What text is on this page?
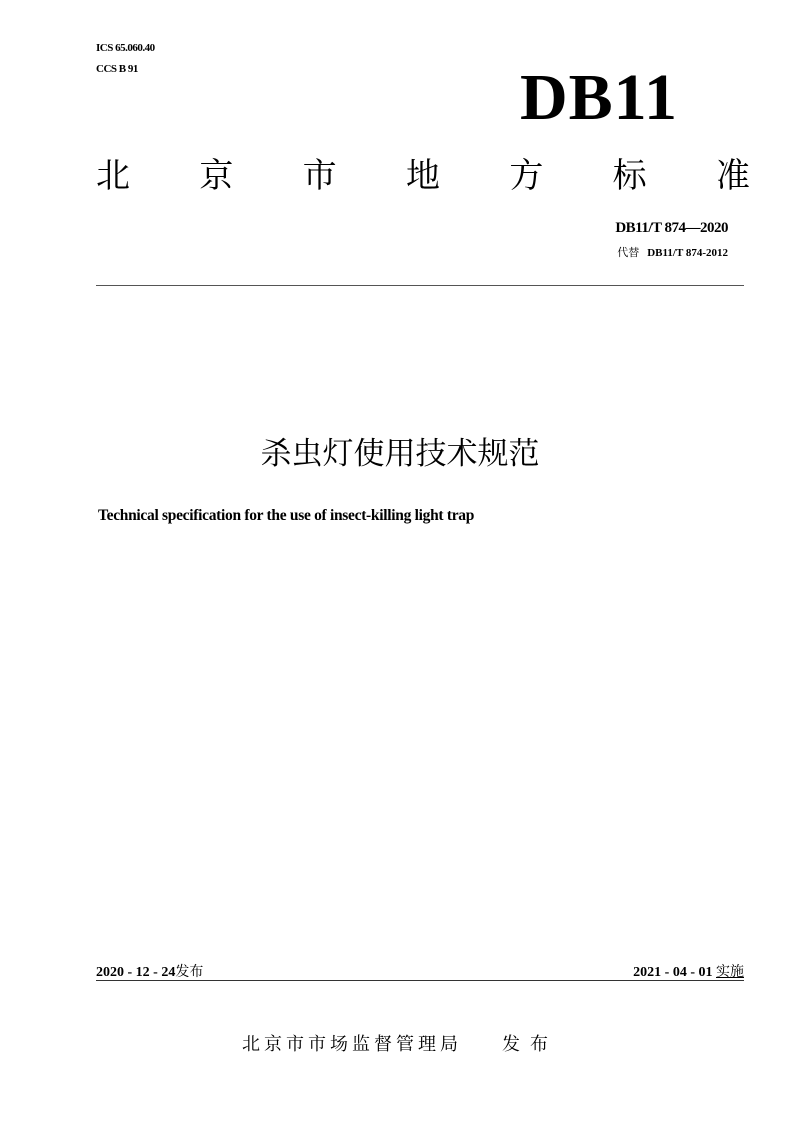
ICS 65.060.40
CCS B 91	DB11
北 京 市 地 方 标 准
DB11/T 874—2020
代替 DB11/T 874-2012
杀虫灯使用技术规范
Technical specification for the use of insect-killing light trap
2020 - 12 - 24发布	2021 - 04 - 01 实施
北京市市场监督管理局 发布
